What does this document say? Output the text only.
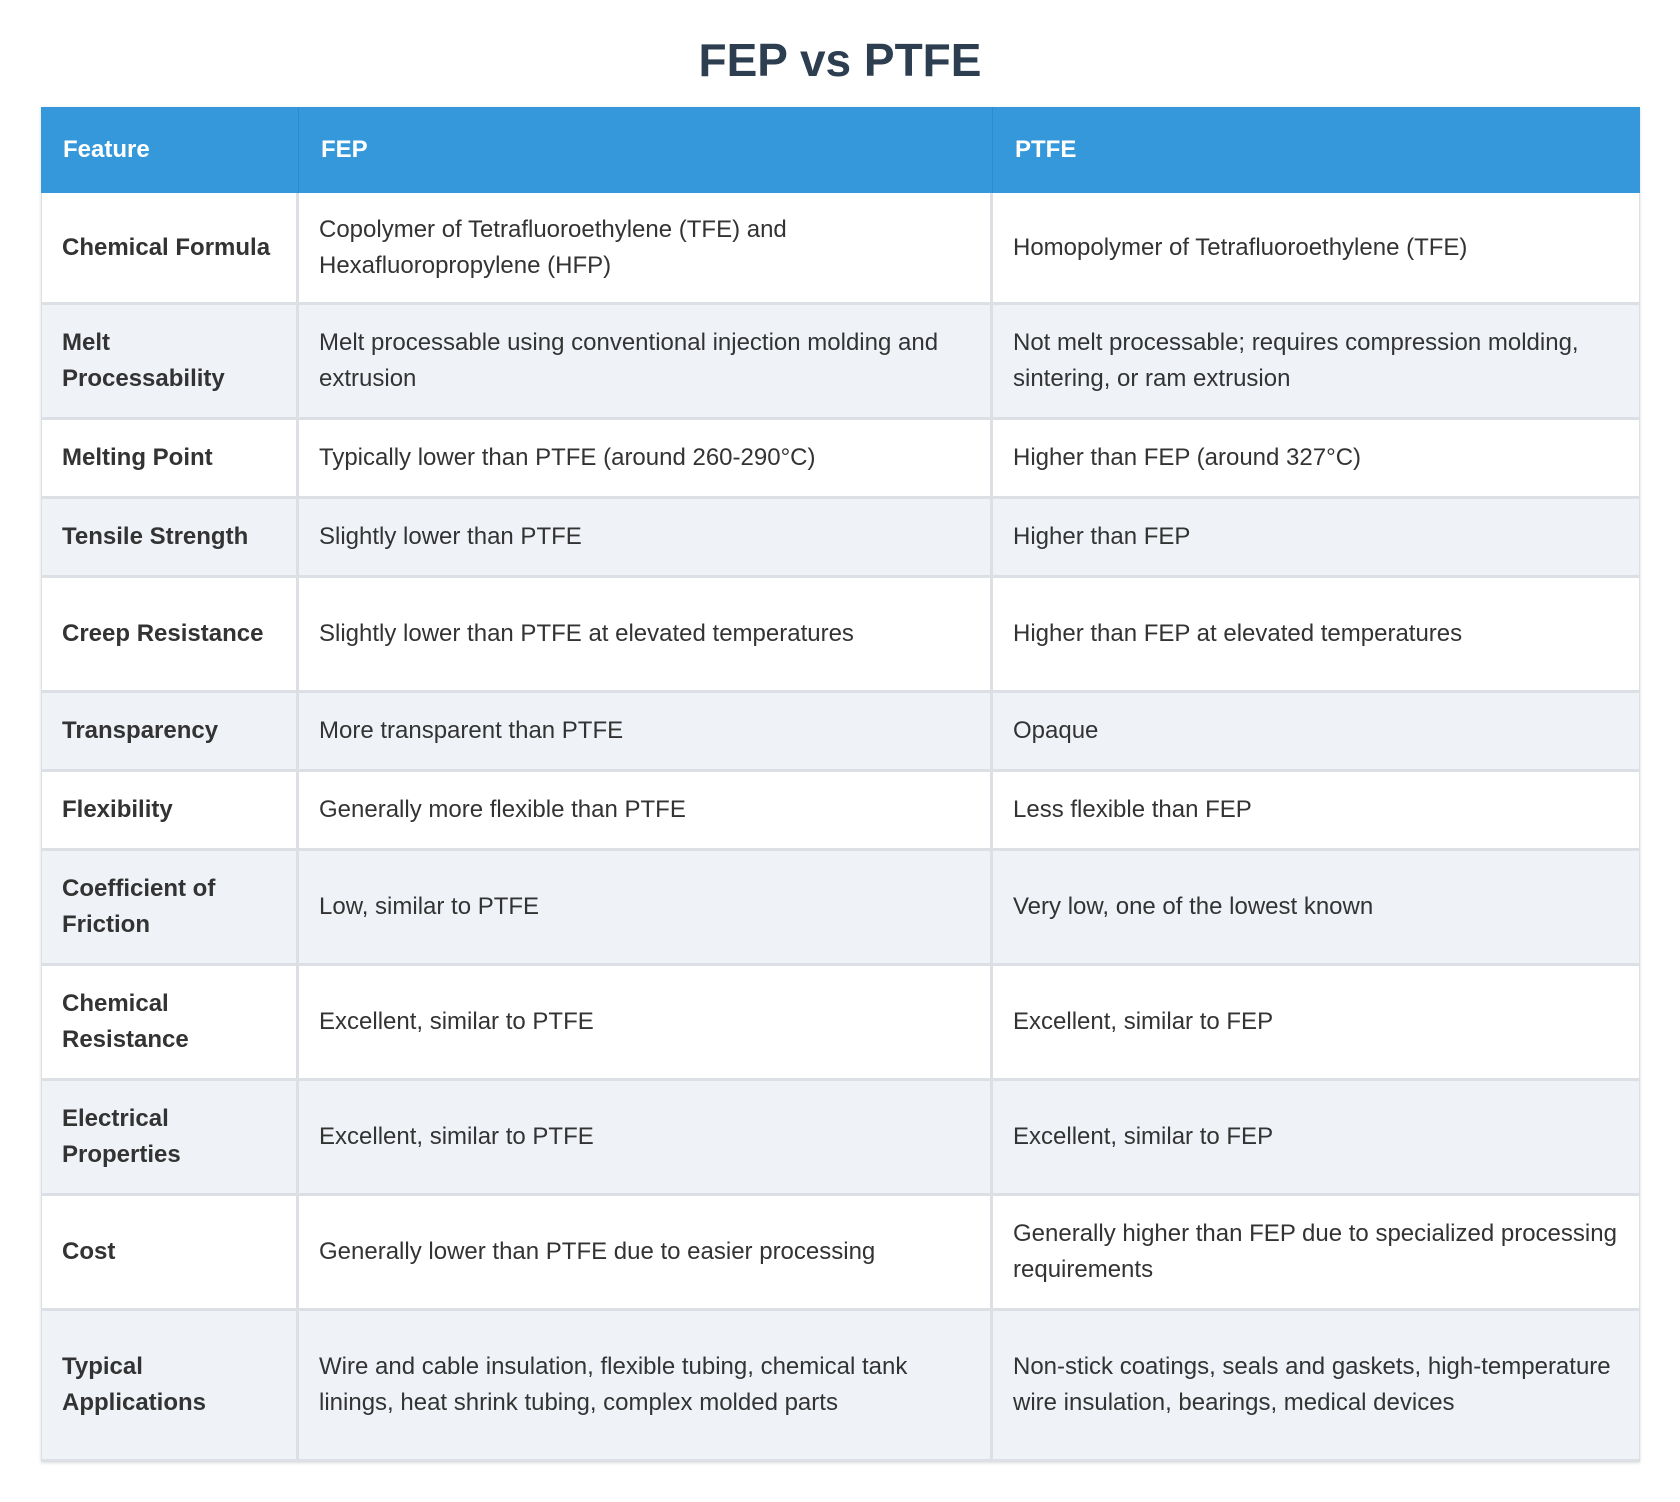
FEP vs PTFE
Feature	FEP	PTFE
Chemical Formula	Copolymer of Tetrafluoroethylene (TFE) and Hexafluoropropylene (HFP)	Homopolymer of Tetrafluoroethylene (TFE)
Melt Processability	Melt processable using conventional injection molding and extrusion	Not melt processable; requires compression molding, sintering, or ram extrusion
Melting Point	Typically lower than PTFE (around 260-290°C)	Higher than FEP (around 327°C)
Tensile Strength	Slightly lower than PTFE	Higher than FEP
Creep Resistance	Slightly lower than PTFE at elevated temperatures	Higher than FEP at elevated temperatures
Transparency	More transparent than PTFE	Opaque
Flexibility	Generally more flexible than PTFE	Less flexible than FEP
Coefficient of Friction	Low, similar to PTFE	Very low, one of the lowest known
Chemical Resistance	Excellent, similar to PTFE	Excellent, similar to FEP
Electrical Properties	Excellent, similar to PTFE	Excellent, similar to FEP
Cost	Generally lower than PTFE due to easier processing	Generally higher than FEP due to specialized processing requirements
Typical Applications	Wire and cable insulation, flexible tubing, chemical tank linings, heat shrink tubing, complex molded parts	Non-stick coatings, seals and gaskets, high-temperature wire insulation, bearings, medical devices
